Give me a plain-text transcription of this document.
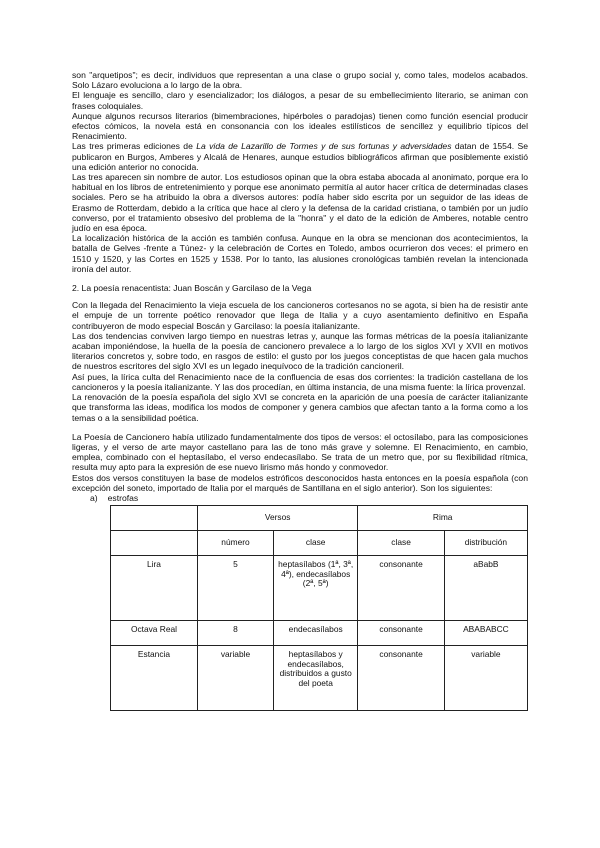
son "arquetipos"; es decir, individuos que representan a una clase o grupo social y, como tales, modelos acabados. Solo Lázaro evoluciona a lo largo de la obra.

El lenguaje es sencillo, claro y esencializador; los diálogos, a pesar de su embellecimiento literario, se animan con frases coloquiales.

Aunque algunos recursos literarios (bimembraciones, hipérboles o paradojas) tienen como función esencial producir efectos cómicos, la novela está en consonancia con los ideales estilísticos de sencillez y equilibrio típicos del Renacimiento.

Las tres primeras ediciones de La vida de Lazarillo de Tormes y de sus fortunas y adversidades datan de 1554. Se publicaron en Burgos, Amberes y Alcalá de Henares, aunque estudios bibliográficos afirman que posiblemente existió una edición anterior no conocida.

Las tres aparecen sin nombre de autor. Los estudiosos opinan que la obra estaba abocada al anonimato, porque era lo habitual en los libros de entretenimiento y porque ese anonimato permitía al autor hacer crítica de determinadas clases sociales. Pero se ha atribuido la obra a diversos autores: podía haber sido escrita por un seguidor de las ideas de Erasmo de Rotterdam, debido a la crítica que hace al clero y la defensa de la caridad cristiana, o también por un judío converso, por el tratamiento obsesivo del problema de la "honra" y el dato de la edición de Amberes, notable centro judío en esa época.

La localización histórica de la acción es también confusa. Aunque en la obra se mencionan dos acontecimientos, la batalla de Gelves -frente a Túnez- y la celebración de Cortes en Toledo, ambos ocurrieron dos veces: el primero en 1510 y 1520, y las Cortes en 1525 y 1538. Por lo tanto, las alusiones cronológicas también revelan la intencionada ironía del autor.

2. La poesía renacentista: Juan Boscán y Garcilaso de la Vega

Con la llegada del Renacimiento la vieja escuela de los cancioneros cortesanos no se agota, si bien ha de resistir ante el empuje de un torrente poético renovador que llega de Italia y a cuyo asentamiento definitivo en España contribuyeron de modo especial Boscán y Garcilaso: la poesía italianizante.

Las dos tendencias conviven largo tiempo en nuestras letras y, aunque las formas métricas de la poesía italianizante acaban imponiéndose, la huella de la poesía de cancionero prevalece a lo largo de los siglos XVI y XVII en motivos literarios concretos y, sobre todo, en rasgos de estilo: el gusto por los juegos conceptistas de que hacen gala muchos de nuestros escritores del siglo XVI es un legado inequívoco de la tradición cancioneril.

Así pues, la lírica culta del Renacimiento nace de la confluencia de esas dos corrientes: la tradición castellana de los cancioneros y la poesía italianizante. Y las dos procedían, en última instancia, de una misma fuente: la lírica provenzal.

La renovación de la poesía española del siglo XVI se concreta en la aparición de una poesía de carácter italianizante que transforma las ideas, modifica los modos de componer y genera cambios que afectan tanto a la forma como a los temas o a la sensibilidad poética.

La Poesía de Cancionero había utilizado fundamentalmente dos tipos de versos: el octosílabo, para las composiciones ligeras, y el verso de arte mayor castellano para las de tono más grave y solemne. El Renacimiento, en cambio, emplea, combinado con el heptasílabo, el verso endecasílabo. Se trata de un metro que, por su flexibilidad rítmica, resulta muy apto para la expresión de ese nuevo lirismo más hondo y conmovedor.

Estos dos versos constituyen la base de modelos estróficos desconocidos hasta entonces en la poesía española (con excepción del soneto, importado de Italia por el marqués de Santillana en el siglo anterior). Son los siguientes:

a) estrofas

	Versos		Rima	
	número	clase	clase	distribución
Lira	5	heptasílabos (1ª, 3ª, 4ª), endecasílabos (2ª, 5ª)	consonante	aBabB
Octava Real	8	endecasílabos	consonante	ABABABCC
Estancia	variable	heptasílabos y endecasílabos, distribuidos a gusto del poeta	consonante	variable
